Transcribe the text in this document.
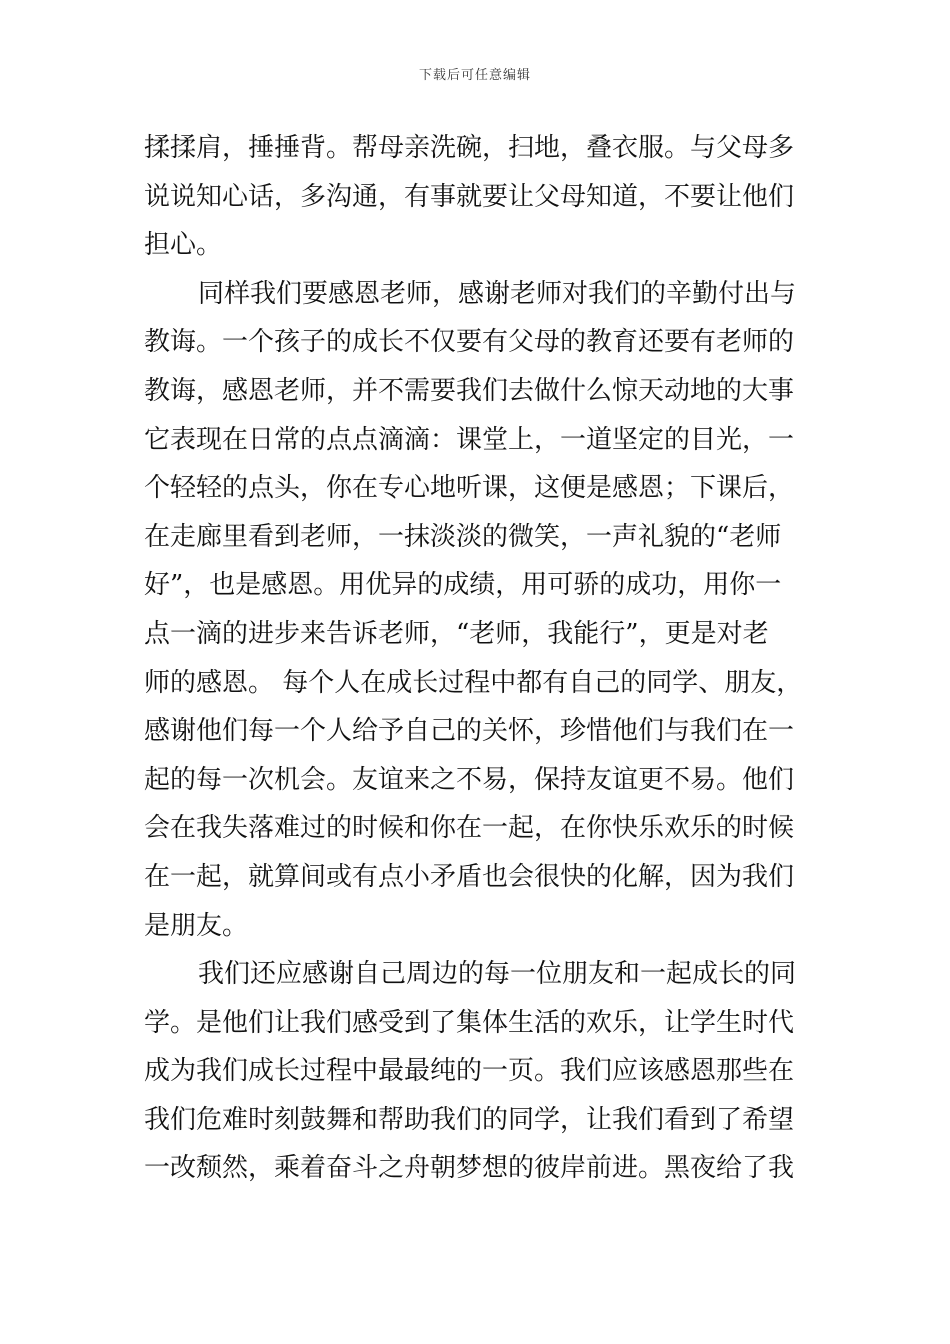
下载后可任意编辑
揉揉肩，捶捶背。帮母亲洗碗，扫地，叠衣服。与父母多
说说知心话，多沟通，有事就要让父母知道，不要让他们
担心。
同样我们要感恩老师，感谢老师对我们的辛勤付出与
教诲。一个孩子的成长不仅要有父母的教育还要有老师的
教诲，感恩老师，并不需要我们去做什么惊天动地的大事
它表现在日常的点点滴滴：课堂上，一道坚定的目光，一
个轻轻的点头，你在专心地听课，这便是感恩；下课后，
在走廊里看到老师，一抹淡淡的微笑，一声礼貌的“老师
好”，也是感恩。用优异的成绩，用可骄的成功，用你一
点一滴的进步来告诉老师，“老师，我能行”，更是对老
师的感恩。 每个人在成长过程中都有自己的同学、朋友，
感谢他们每一个人给予自己的关怀，珍惜他们与我们在一
起的每一次机会。友谊来之不易，保持友谊更不易。他们
会在我失落难过的时候和你在一起，在你快乐欢乐的时候
在一起，就算间或有点小矛盾也会很快的化解，因为我们
是朋友。
我们还应感谢自己周边的每一位朋友和一起成长的同
学。是他们让我们感受到了集体生活的欢乐，让学生时代
成为我们成长过程中最最纯的一页。我们应该感恩那些在
我们危难时刻鼓舞和帮助我们的同学，让我们看到了希望
一改颓然，乘着奋斗之舟朝梦想的彼岸前进。黑夜给了我
